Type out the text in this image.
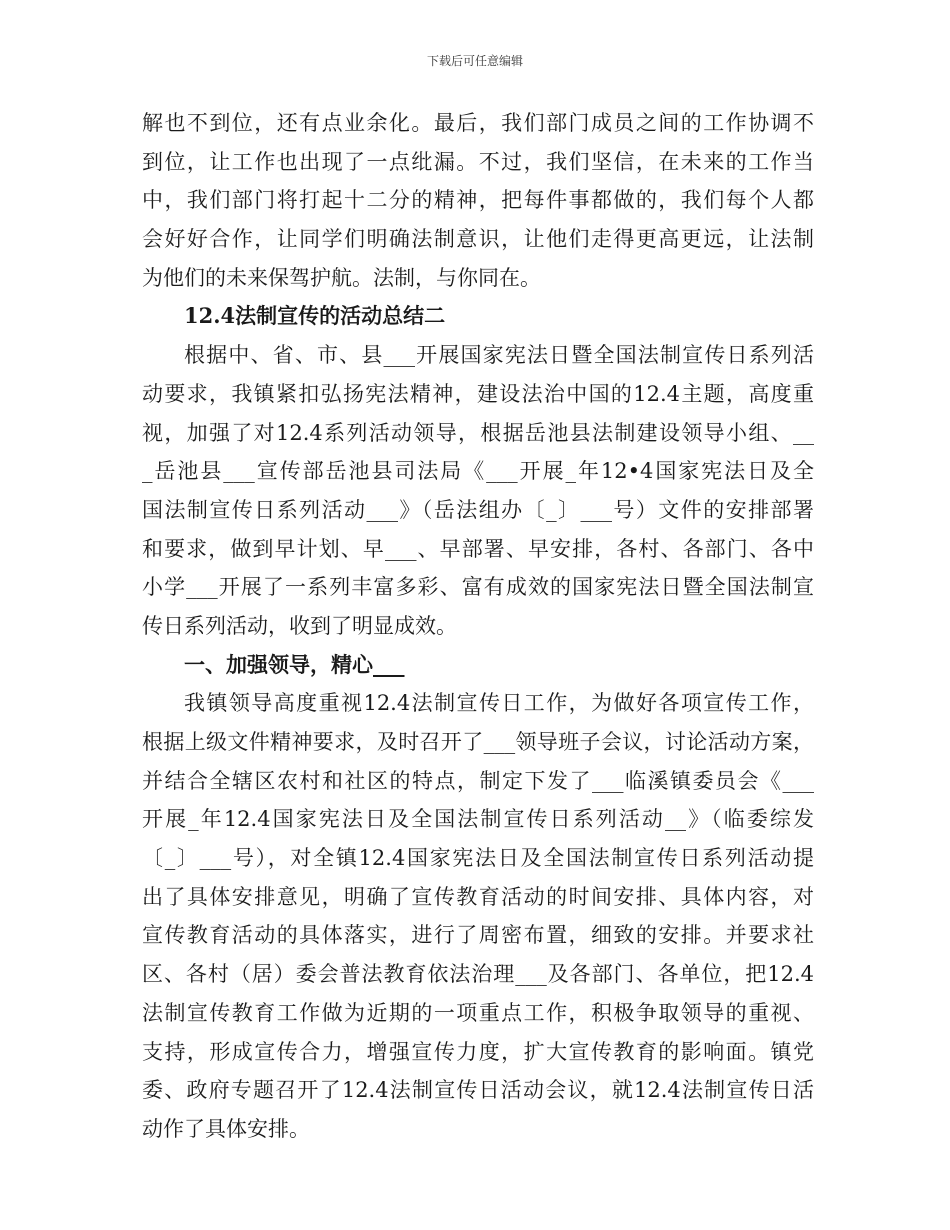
下载后可任意编辑
解也不到位，还有点业余化。最后，我们部门成员之间的工作协调不
到位，让工作也出现了一点纰漏。不过，我们坚信，在未来的工作当
中，我们部门将打起十二分的精神，把每件事都做的，我们每个人都
会好好合作，让同学们明确法制意识，让他们走得更高更远，让法制
为他们的未来保驾护航。法制，与你同在。
12.4法制宣传的活动总结二
根据中、省、市、县___开展国家宪法日暨全国法制宣传日系列活
动要求，我镇紧扣弘扬宪法精神，建设法治中国的12.4主题，高度重
视，加强了对12.4系列活动领导，根据岳池县法制建设领导小组、__
_岳池县___宣传部岳池县司法局《___开展_年12•4国家宪法日及全
国法制宣传日系列活动___》（岳法组办〔_〕___号）文件的安排部署
和要求，做到早计划、早___、早部署、早安排，各村、各部门、各中
小学___开展了一系列丰富多彩、富有成效的国家宪法日暨全国法制宣
传日系列活动，收到了明显成效。
一、加强领导，精心___
我镇领导高度重视12.4法制宣传日工作，为做好各项宣传工作，
根据上级文件精神要求，及时召开了___领导班子会议，讨论活动方案，
并结合全辖区农村和社区的特点，制定下发了___临溪镇委员会《___
开展_年12.4国家宪法日及全国法制宣传日系列活动__》（临委综发
〔_〕___号），对全镇12.4国家宪法日及全国法制宣传日系列活动提
出了具体安排意见，明确了宣传教育活动的时间安排、具体内容，对
宣传教育活动的具体落实，进行了周密布置，细致的安排。并要求社
区、各村（居）委会普法教育依法治理___及各部门、各单位，把12.4
法制宣传教育工作做为近期的一项重点工作，积极争取领导的重视、
支持，形成宣传合力，增强宣传力度，扩大宣传教育的影响面。镇党
委、政府专题召开了12.4法制宣传日活动会议，就12.4法制宣传日活
动作了具体安排。
